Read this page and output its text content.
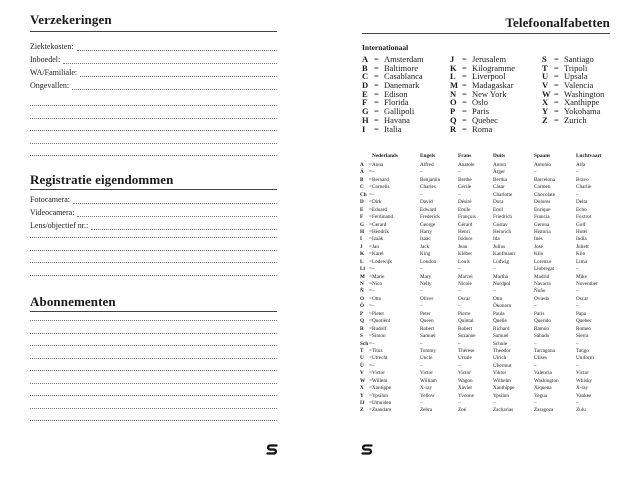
Verzekeringen
Ziektekosten:
Inboedel:
WA/Familiale:
Ongevallen:
Registratie eigendommen
Fotocamera:
Videocamera:
Lens/objectief nr.:
Abonnementen
Telefoonalfabetten
Internationaal
A = Amsterdam
B = Baltimore
C = Casablanca
D = Danemark
E = Edison
F = Florida
G = Gallipoli
H = Havana
I = Italia
J = Jerusalem
K = Kilogramme
L = Liverpool
M = Madagaskar
N = New York
O = Oslo
P = Paris
Q = Quebec
R = Roma
S = Santiago
T = Tripoli
U = Upsala
V = Valencia
W = Washington
X = Xanthippe
Y = Yokohama
Z = Zurich
Nederlands	Engels	Frans	Duits	Spaans	Luchtvaart
A = Anna	Alfred	Anatole	Anton	Antonio	Alfa
Ä = –	–	–	Ärger	–	–
B = Bernard	Benjamin	Berthe	Bertha	Barcelona	Bravo
C = Cornelis	Charles	Cécile	Cäsar	Carmen	Charlie
Ch = –	–	–	Charlotte	Chocolate	–
D = Dirk	David	Désiré	Dora	Dolores	Delta
E = Eduard	Edward	Emile	Emil	Enrique	Echo
F = Ferdinand	Frederick	François	Friedrich	Francia	Foxtrot
G = Gerard	George	Gérard	Gustav	Gerona	Golf
H = Hendrik	Harry	Henri	Heinrich	Historia	Hotel
I = Izaäk	Isaac	Isidore	Ida	Inés	India
J = Jan	Jack	Jean	Julius	José	Juliett
K = Karel	King	Kléber	Kaufmann	Kilo	Kilo
L = Lodewijk	London	Louis	Ludwig	Lorenzo	Lima
Ll = –	–	–	–	Llobregat	–
M = Marie	Mary	Marcel	Martha	Madrid	Mike
N = Nico	Nelly	Nicole	Nordpol	Navarra	November
Ñ = –	–	–	–	Ñoño	–
O = Otto	Oliver	Oscar	Otto	Oviedo	Oscar
Ö = –	–	–	Ökonom	–	–
P = Pieter	Peter	Pierre	Paula	Paris	Papa
Q = Quotiënt	Queen	Quintal	Quelle	Querido	Quebec
R = Rudolf	Robert	Robert	Richard	Ramón	Romeo
S = Simon	Samuel	Suzanne	Samuel	Sábado	Sierra
Sch = –	–	–	Schule	–	–
T = Titus	Tommy	Thérèse	Theodor	Tarragona	Tango
U = Utrecht	Uncle	Ursule	Ulrich	Ulises	Uniform
Ü = –	–	–	Übermut	–	–
V = Victor	Victor	Victor	Viktor	Valencia	Victor
W = Willem	William	Wagon	Wilhelm	Washington	Whisky
X = Xantippe	X-ray	Xavier	Xanthippe	Xiquena	X-ray
Y = Ypsilon	Yellow	Yvonne	Ypsilon	Yegua	Yankee
IJ = IJmuiden	–	–	–	–	–
Z = Zaandam	Zebra	Zoé	Zacharias	Zaragoza	Zulu
